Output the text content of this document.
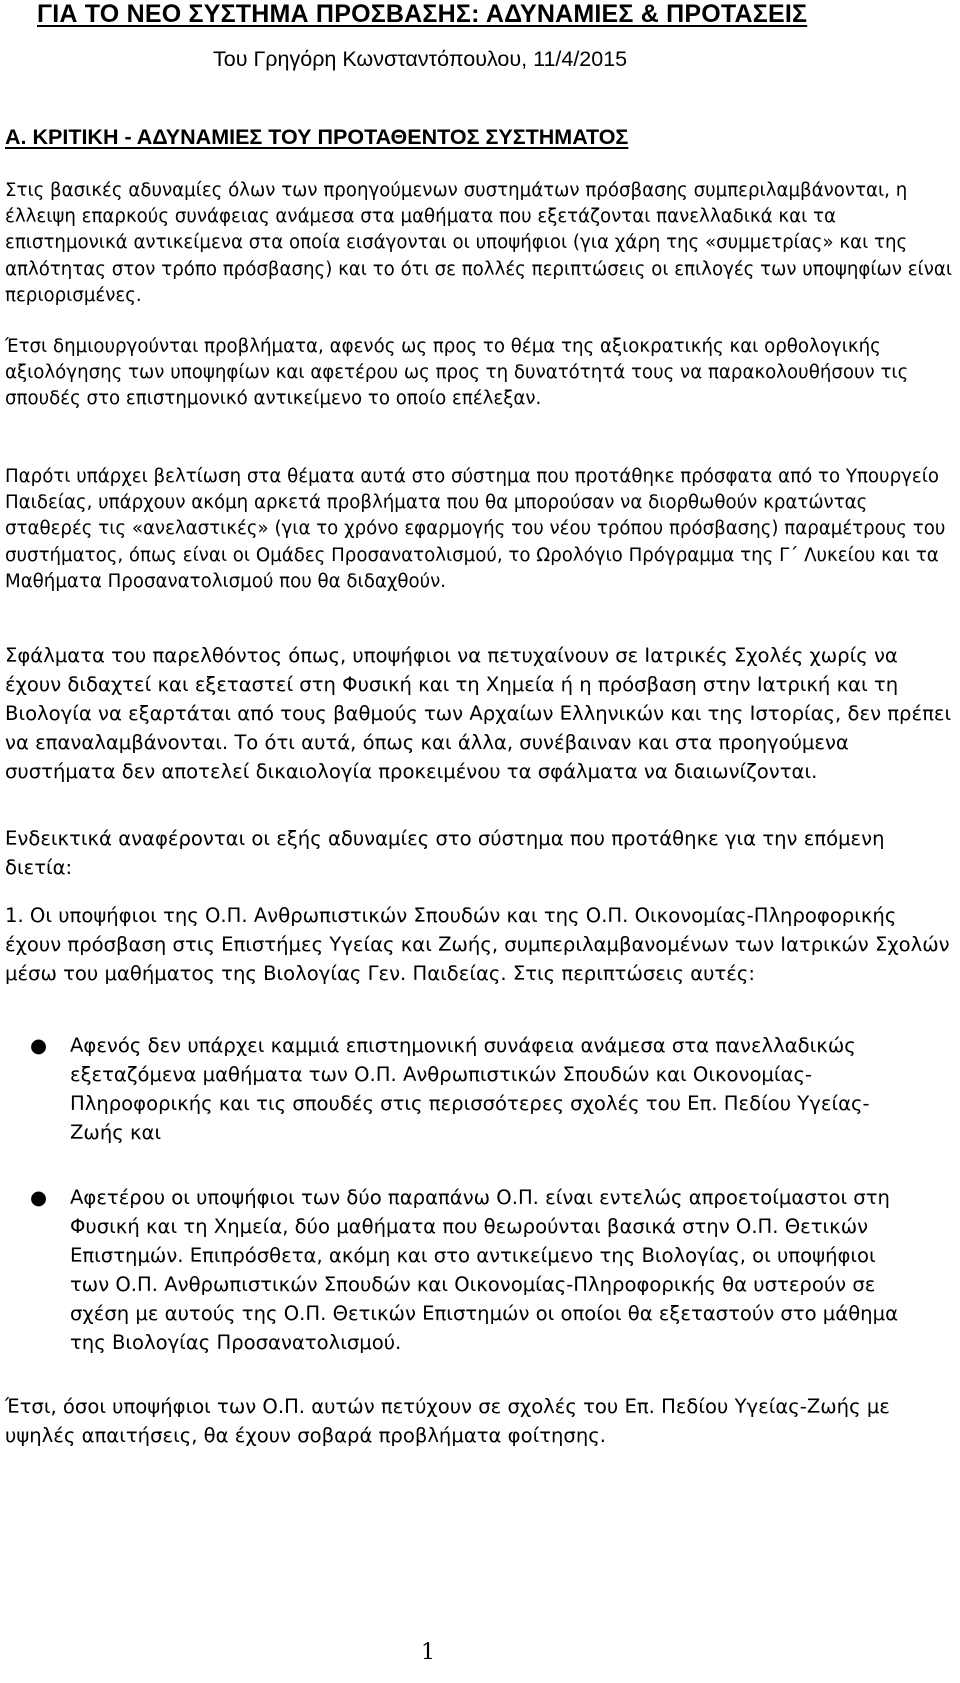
ΓΙΑ ΤΟ ΝΕΟ ΣΥΣΤΗΜΑ ΠΡΟΣΒΑΣΗΣ: ΑΔΥΝΑΜΙΕΣ & ΠΡΟΤΑΣΕΙΣ

Του Γρηγόρη Κωνσταντόπουλου, 11/4/2015

Α. ΚΡΙΤΙΚΗ - ΑΔΥΝΑΜΙΕΣ ΤΟΥ ΠΡΟΤΑΘΕΝΤΟΣ ΣΥΣΤΗΜΑΤΟΣ

Στις βασικές αδυναμίες όλων των προηγούμενων συστημάτων πρόσβασης συμπεριλαμβάνονται, η έλλειψη επαρκούς συνάφειας ανάμεσα στα μαθήματα που εξετάζονται πανελλαδικά και τα επιστημονικά αντικείμενα στα οποία εισάγονται οι υποψήφιοι (για χάρη της «συμμετρίας» και της απλότητας στον τρόπο πρόσβασης) και το ότι σε πολλές περιπτώσεις οι επιλογές των υποψηφίων είναι περιορισμένες.

Έτσι δημιουργούνται προβλήματα, αφενός ως προς το θέμα της αξιοκρατικής και ορθολογικής αξιολόγησης των υποψηφίων και αφετέρου ως προς τη δυνατότητά τους να παρακολουθήσουν τις σπουδές στο επιστημονικό αντικείμενο το οποίο επέλεξαν.

Παρότι υπάρχει βελτίωση στα θέματα αυτά στο σύστημα που προτάθηκε πρόσφατα από το Υπουργείο Παιδείας, υπάρχουν ακόμη αρκετά προβλήματα που θα μπορούσαν να διορθωθούν κρατώντας σταθερές τις «ανελαστικές» (για το χρόνο εφαρμογής του νέου τρόπου πρόσβασης) παραμέτρους του συστήματος, όπως είναι οι Ομάδες Προσανατολισμού, το Ωρολόγιο Πρόγραμμα της Γ΄ Λυκείου και τα Μαθήματα Προσανατολισμού που θα διδαχθούν.

Σφάλματα του παρελθόντος όπως, υποψήφιοι να πετυχαίνουν σε Ιατρικές Σχολές χωρίς να έχουν διδαχτεί και εξεταστεί στη Φυσική και τη Χημεία ή η πρόσβαση στην Ιατρική και τη Βιολογία να εξαρτάται από τους βαθμούς των Αρχαίων Ελληνικών και της Ιστορίας, δεν πρέπει να επαναλαμβάνονται. Το ότι αυτά, όπως και άλλα, συνέβαιναν και στα προηγούμενα συστήματα δεν αποτελεί δικαιολογία προκειμένου τα σφάλματα να διαιωνίζονται.

Ενδεικτικά αναφέρονται οι εξής αδυναμίες στο σύστημα που προτάθηκε για την επόμενη διετία:

1. Οι υποψήφιοι της Ο.Π. Ανθρωπιστικών Σπουδών και της Ο.Π. Οικονομίας-Πληροφορικής έχουν πρόσβαση στις Επιστήμες Υγείας και Ζωής, συμπεριλαμβανομένων των Ιατρικών Σχολών μέσω του μαθήματος της Βιολογίας Γεν. Παιδείας. Στις περιπτώσεις αυτές:

● Αφενός δεν υπάρχει καμμιά επιστημονική συνάφεια ανάμεσα στα πανελλαδικώς εξεταζόμενα μαθήματα των Ο.Π. Ανθρωπιστικών Σπουδών και Οικονομίας-Πληροφορικής και τις σπουδές στις περισσότερες σχολές του Επ. Πεδίου Υγείας-Ζωής και

● Αφετέρου οι υποψήφιοι των δύο παραπάνω Ο.Π. είναι εντελώς απροετοίμαστοι στη Φυσική και τη Χημεία, δύο μαθήματα που θεωρούνται βασικά στην Ο.Π. Θετικών Επιστημών. Επιπρόσθετα, ακόμη και στο αντικείμενο της Βιολογίας, οι υποψήφιοι των Ο.Π. Ανθρωπιστικών Σπουδών και Οικονομίας-Πληροφορικής θα υστερούν σε σχέση με αυτούς της Ο.Π. Θετικών Επιστημών οι οποίοι θα εξεταστούν στο μάθημα της Βιολογίας Προσανατολισμού.

Έτσι, όσοι υποψήφιοι των Ο.Π. αυτών πετύχουν σε σχολές του Επ. Πεδίου Υγείας-Ζωής με υψηλές απαιτήσεις, θα έχουν σοβαρά προβλήματα φοίτησης.

1
